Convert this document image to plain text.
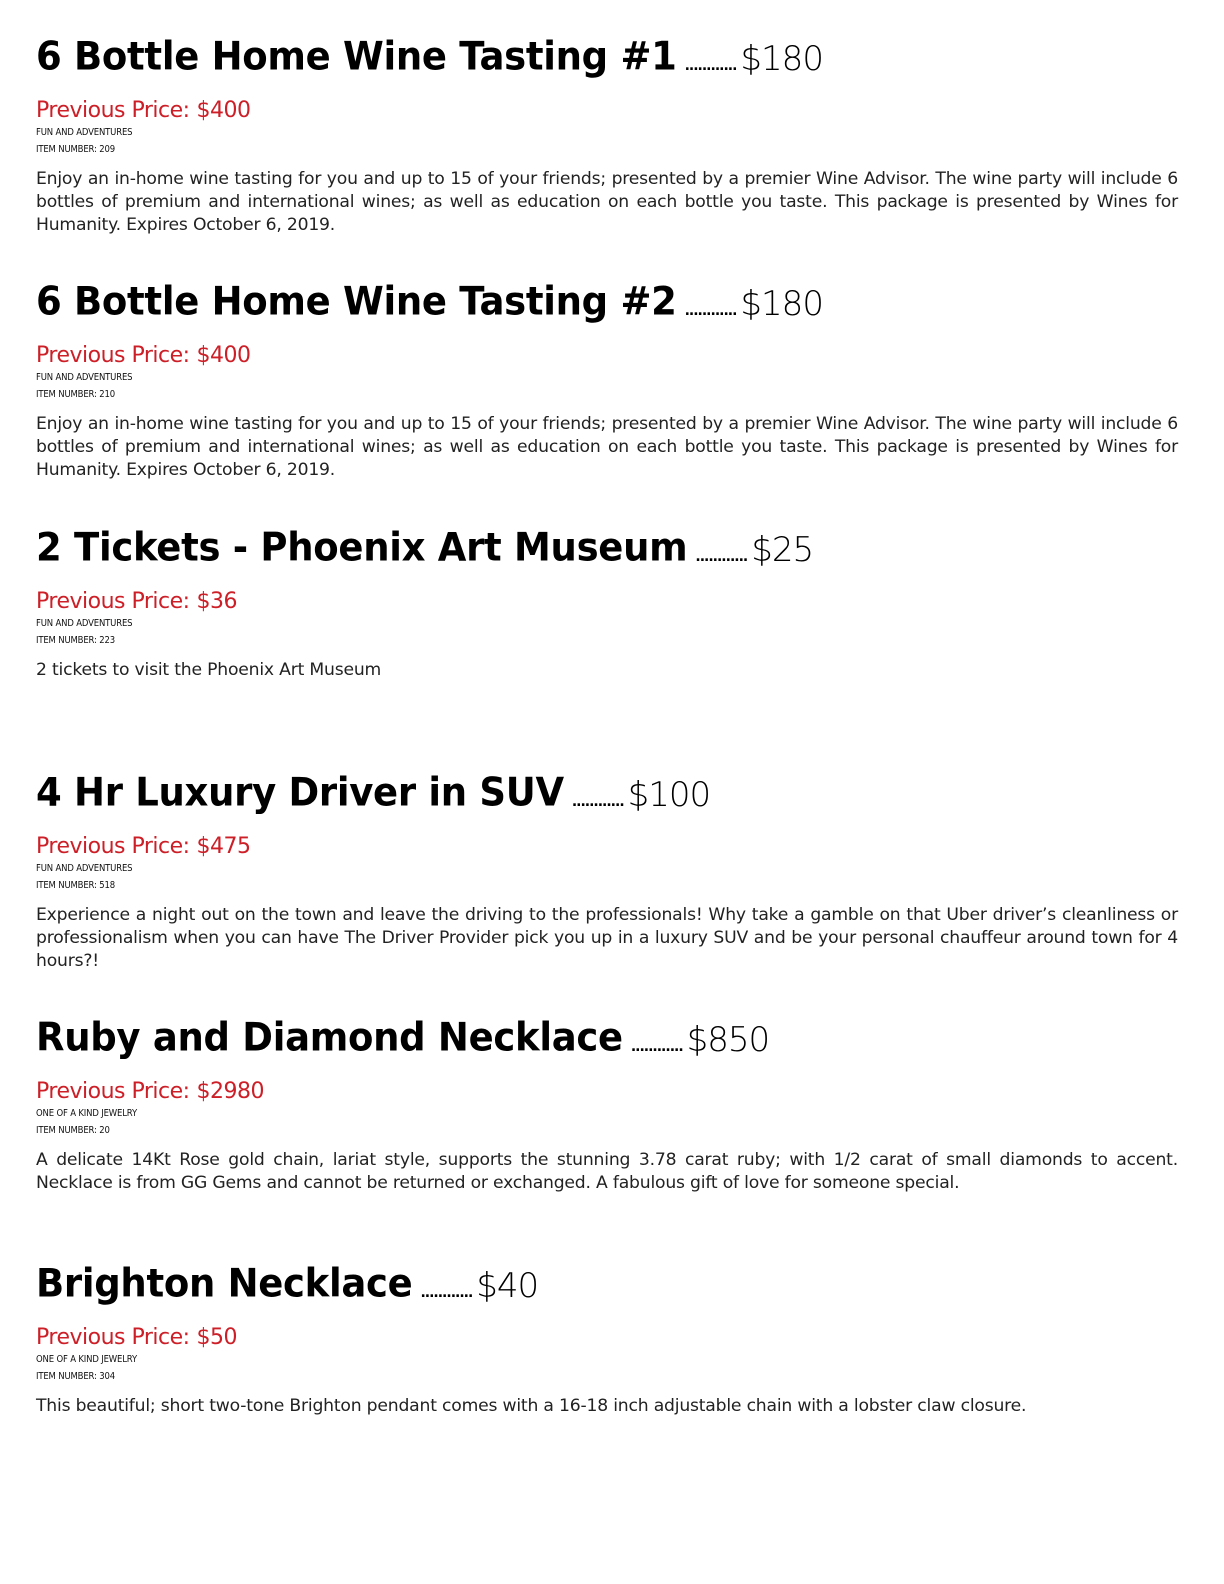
6 Bottle Home Wine Tasting #1 ............ $180
Previous Price: $400
FUN AND ADVENTURES
ITEM NUMBER: 209
Enjoy an in-home wine tasting for you and up to 15 of your friends; presented by a premier Wine Advisor. The wine party will include 6 bottles of premium and international wines; as well as education on each bottle you taste. This package is presented by Wines for Humanity. Expires October 6, 2019.
6 Bottle Home Wine Tasting #2 ............ $180
Previous Price: $400
FUN AND ADVENTURES
ITEM NUMBER: 210
Enjoy an in-home wine tasting for you and up to 15 of your friends; presented by a premier Wine Advisor. The wine party will include 6 bottles of premium and international wines; as well as education on each bottle you taste. This package is presented by Wines for Humanity. Expires October 6, 2019.
2 Tickets - Phoenix Art Museum ............ $25
Previous Price: $36
FUN AND ADVENTURES
ITEM NUMBER: 223
2 tickets to visit the Phoenix Art Museum
4 Hr Luxury Driver in SUV ............ $100
Previous Price: $475
FUN AND ADVENTURES
ITEM NUMBER: 518
Experience a night out on the town and leave the driving to the professionals! Why take a gamble on that Uber driver’s cleanliness or professionalism when you can have The Driver Provider pick you up in a luxury SUV and be your personal chauffeur around town for 4 hours?!
Ruby and Diamond Necklace ............ $850
Previous Price: $2980
ONE OF A KIND JEWELRY
ITEM NUMBER: 20
A delicate 14Kt Rose gold chain, lariat style, supports the stunning 3.78 carat ruby; with 1/2 carat of small diamonds to accent. Necklace is from GG Gems and cannot be returned or exchanged. A fabulous gift of love for someone special.
Brighton Necklace ............ $40
Previous Price: $50
ONE OF A KIND JEWELRY
ITEM NUMBER: 304
This beautiful; short two-tone Brighton pendant comes with a 16-18 inch adjustable chain with a lobster claw closure.
